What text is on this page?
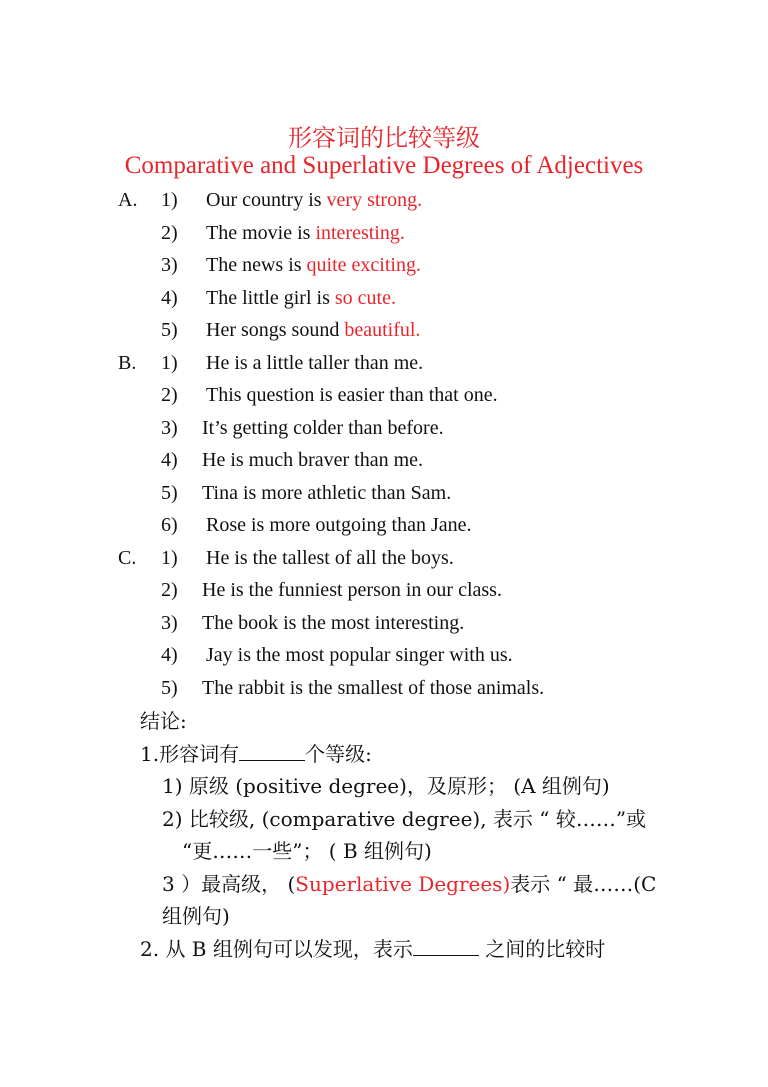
形容词的比较等级
Comparative and Superlative Degrees of Adjectives
A. 1) Our country is very strong.
2) The movie is interesting.
3) The news is quite exciting.
4) The little girl is so cute.
5) Her songs sound beautiful.
B. 1) He is a little taller than me.
2) This question is easier than that one.
3) It’s getting colder than before.
4) He is much braver than me.
5) Tina is more athletic than Sam.
6) Rose is more outgoing than Jane.
C. 1) He is the tallest of all the boys.
2) He is the funniest person in our class.
3) The book is the most interesting.
4) Jay is the most popular singer with us.
5) The rabbit is the smallest of those animals.
结论:
1.形容词有	个等级:
1) 原级 (positive degree)，及原形； (A 组例句)
2) 比较级, (comparative degree), 表示 “ 较……”或
“更……一些”； ( B 组例句)
3 ）最高级， (Superlative Degrees)表示 “ 最……(C
组例句)
2. 从 B 组例句可以发现，表示	之间的比较时
